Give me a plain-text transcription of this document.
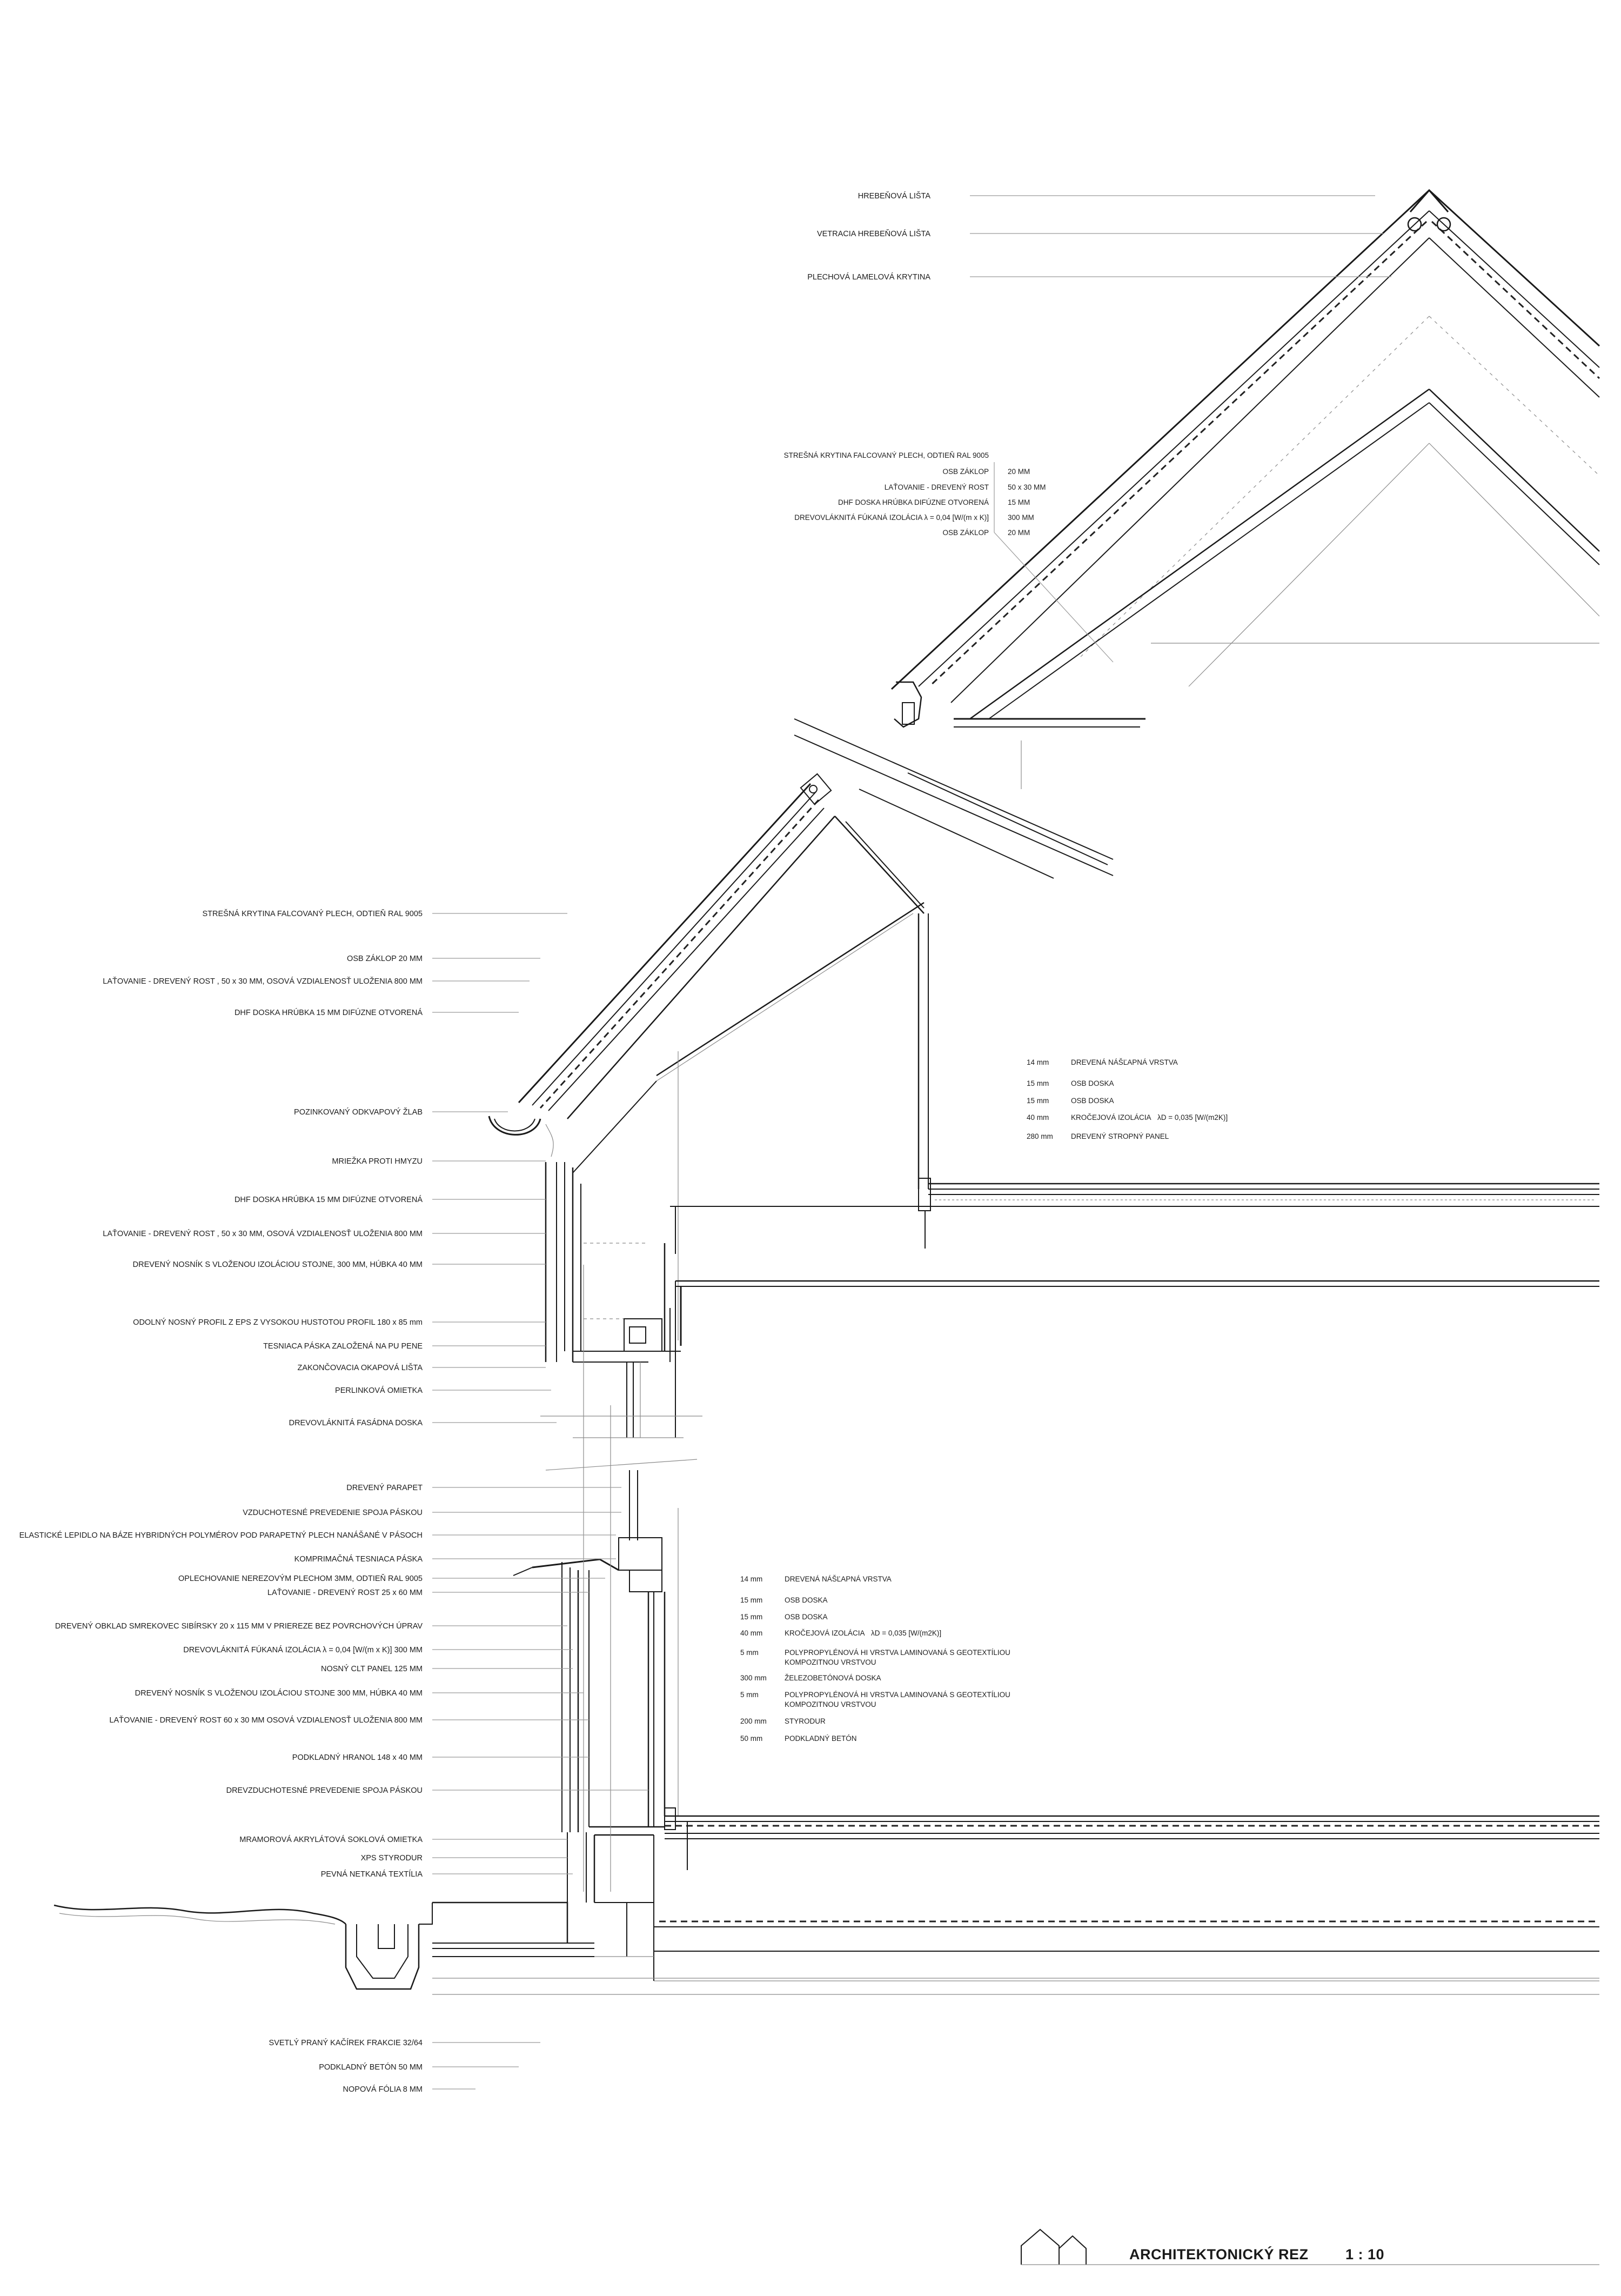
HREBEŇOVÁ LIŠTA
VETRACIA HREBEŇOVÁ LIŠTA
PLECHOVÁ LAMELOVÁ KRYTINA
STREŠNÁ KRYTINA FALCOVANÝ PLECH, ODTIEŇ RAL 9005
OSB ZÁKLOP	20 MM
LAŤOVANIE - DREVENÝ ROST	50 x 30 MM
DHF DOSKA HRÚBKA DIFÚZNE OTVORENÁ	15 MM
DREVOVLÁKNITÁ FÚKANÁ IZOLÁCIA λ = 0,04 [W/(m x K)]	300 MM
OSB ZÁKLOP	20 MM
STREŠNÁ KRYTINA FALCOVANÝ PLECH, ODTIEŇ RAL 9005
OSB ZÁKLOP 20 MM
LAŤOVANIE - DREVENÝ ROST , 50 x 30 MM, OSOVÁ VZDIALENOSŤ ULOŽENIA 800 MM
DHF DOSKA HRÚBKA 15 MM DIFÚZNE OTVORENÁ
POZINKOVANÝ ODKVAPOVÝ ŽLAB
MRIEŽKA PROTI HMYZU
DHF DOSKA HRÚBKA 15 MM DIFÚZNE OTVORENÁ
LAŤOVANIE - DREVENÝ ROST , 50 x 30 MM, OSOVÁ VZDIALENOSŤ ULOŽENIA 800 MM
DREVENÝ NOSNÍK S VLOŽENOU IZOLÁCIOU STOJNE, 300 MM, HÚBKA 40 MM
ODOLNÝ NOSNÝ PROFIL Z EPS Z VYSOKOU HUSTOTOU PROFIL 180 x 85 mm
TESNIACA PÁSKA ZALOŽENÁ NA PU PENE
ZAKONČOVACIA OKAPOVÁ LIŠTA
PERLINKOVÁ OMIETKA
DREVOVLÁKNITÁ FASÁDNA DOSKA
DREVENÝ PARAPET
VZDUCHOTESNÉ PREVEDENIE SPOJA PÁSKOU
ELASTICKÉ LEPIDLO NA BÁZE HYBRIDNÝCH POLYMÉROV POD PARAPETNÝ PLECH NANÁŠANÉ V PÁSOCH
KOMPRIMAČNÁ TESNIACA PÁSKA
OPLECHOVANIE NEREZOVÝM PLECHOM 3MM, ODTIEŇ RAL 9005
LAŤOVANIE - DREVENÝ ROST 25 x 60 MM
DREVENÝ OBKLAD SMREKOVEC SIBÍRSKY 20 x 115 MM V PRIEREZE BEZ POVRCHOVÝCH ÚPRAV
DREVOVLÁKNITÁ FÚKANÁ IZOLÁCIA λ = 0,04 [W/(m x K)] 300 MM
NOSNÝ CLT PANEL 125 MM
DREVENÝ NOSNÍK S VLOŽENOU IZOLÁCIOU STOJNE 300 MM, HÚBKA 40 MM
LAŤOVANIE - DREVENÝ ROST 60 x 30 MM OSOVÁ VZDIALENOSŤ ULOŽENIA 800 MM
PODKLADNÝ HRANOL 148 x 40 MM
DREVZDUCHOTESNÉ PREVEDENIE SPOJA PÁSKOU
MRAMOROVÁ AKRYLÁTOVÁ SOKLOVÁ OMIETKA
XPS STYRODUR
PEVNÁ NETKANÁ TEXTÍLIA
SVETLÝ PRANÝ KAČÍREK FRAKCIE 32/64
PODKLADNÝ BETÓN 50 MM
NOPOVÁ FÓLIA 8 MM
14 mm	DREVENÁ NÁŠĽAPNÁ VRSTVA
15 mm	OSB DOSKA
15 mm	OSB DOSKA
40 mm	KROČEJOVÁ IZOLÁCIA λD = 0,035 [W/(m2K)]
280 mm DREVENÝ STROPNÝ PANEL
14 mm	DREVENÁ NÁŠĽAPNÁ VRSTVA
15 mm	OSB DOSKA
15 mm	OSB DOSKA
40 mm	KROČEJOVÁ IZOLÁCIA λD = 0,035 [W/(m2K)]
5 mm	POLYPROPYLÉNOVÁ HI VRSTVA LAMINOVANÁ S GEOTEXTÍLIOU
KOMPOZITNOU VRSTVOU
300 mm ŽELEZOBETÓNOVÁ DOSKA
5 mm	POLYPROPYLÉNOVÁ HI VRSTVA LAMINOVANÁ S GEOTEXTÍLIOU
KOMPOZITNOU VRSTVOU
200 mm STYRODUR
50 mm	PODKLADNÝ BETÓN
ARCHITEKTONICKÝ REZ	1 : 10
